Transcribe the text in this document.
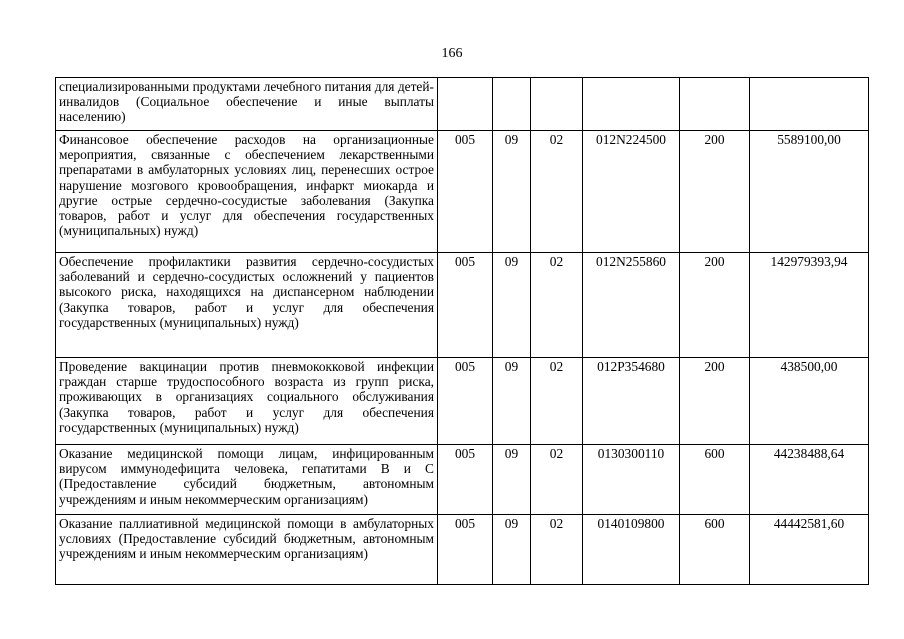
166
специализированными продуктами лечебного питания для детей-инвалидов (Социальное обеспечение и иные выплаты населению)						
Финансовое обеспечение расходов на организационные мероприятия, связанные с обеспечением лекарственными препаратами в амбулаторных условиях лиц, перенесших острое нарушение мозгового кровообращения, инфаркт миокарда и другие острые сердечно-сосудистые заболевания (Закупка товаров, работ и услуг для обеспечения государственных (муниципальных) нужд)	005	09	02	012N224500	200	5589100,00
Обеспечение профилактики развития сердечно-сосудистых заболеваний и сердечно-сосудистых осложнений у пациентов высокого риска, находящихся на диспансерном наблюдении (Закупка товаров, работ и услуг для обеспечения государственных (муниципальных) нужд)	005	09	02	012N255860	200	142979393,94
Проведение вакцинации против пневмококковой инфекции граждан старше трудоспособного возраста из групп риска, проживающих в организациях социального обслуживания (Закупка товаров, работ и услуг для обеспечения государственных (муниципальных) нужд)	005	09	02	012P354680	200	438500,00
Оказание медицинской помощи лицам, инфицированным вирусом иммунодефицита человека, гепатитами В и С (Предоставление субсидий бюджетным, автономным учреждениям и иным некоммерческим организациям)	005	09	02	0130300110	600	44238488,64
Оказание паллиативной медицинской помощи в амбулаторных условиях (Предоставление субсидий бюджетным, автономным учреждениям и иным некоммерческим организациям)	005	09	02	0140109800	600	44442581,60
